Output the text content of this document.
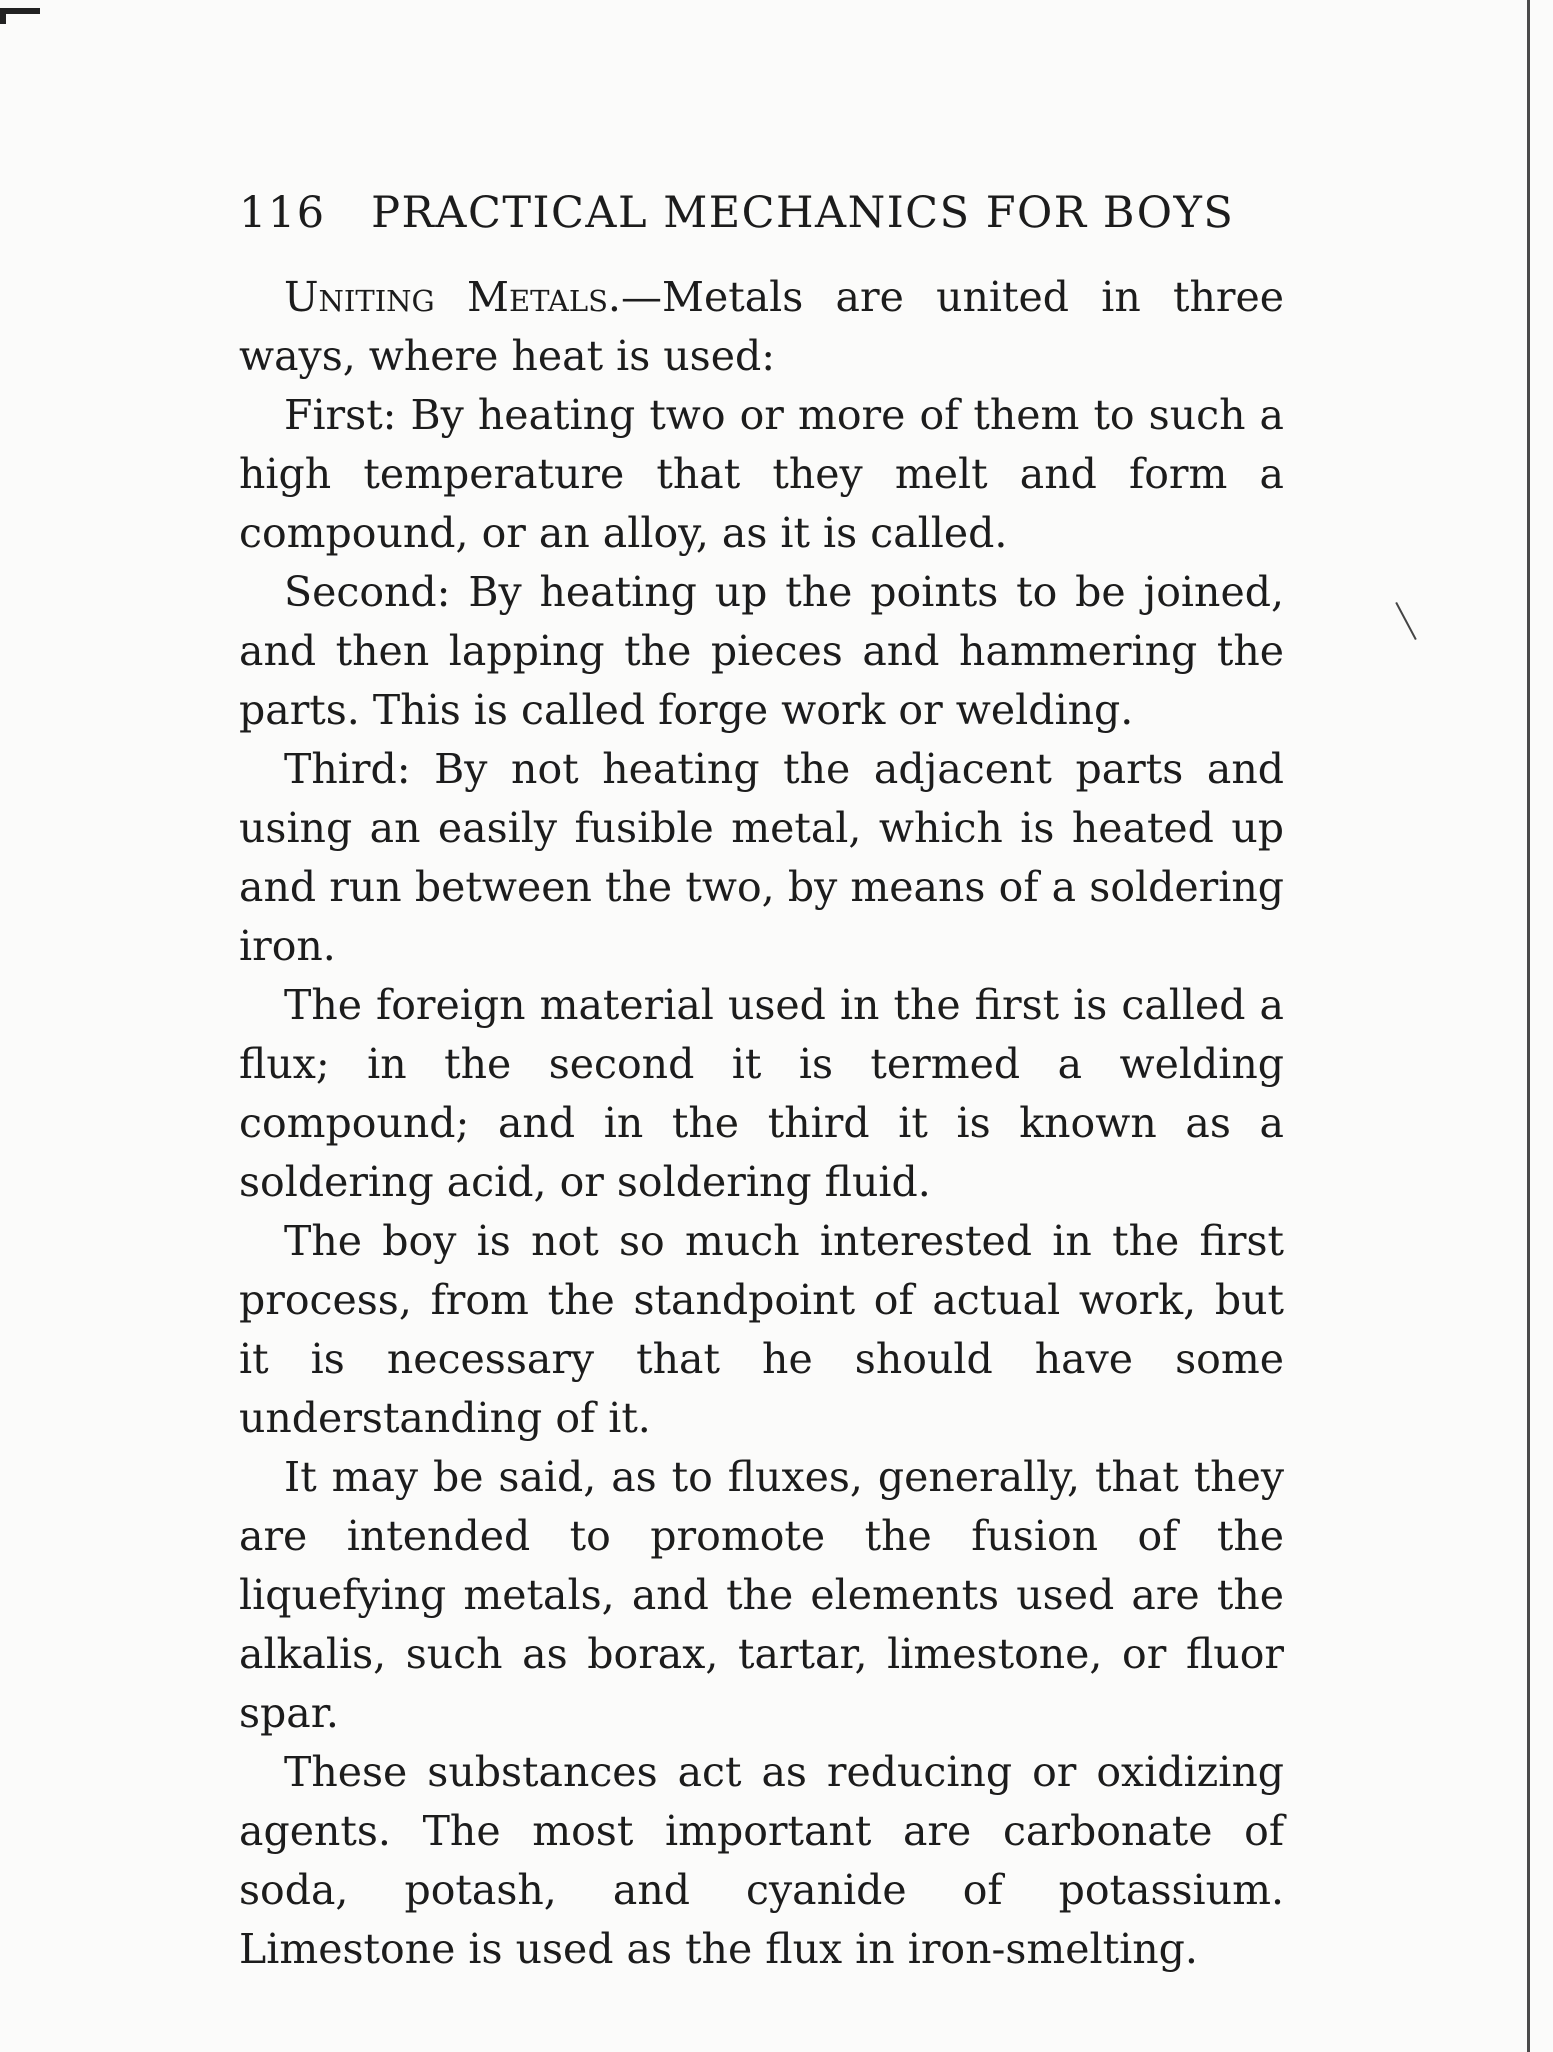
116 PRACTICAL MECHANICS FOR BOYS

Uniting Metals.—Metals are united in three ways, where heat is used:

First: By heating two or more of them to such a high temperature that they melt and form a compound, or an alloy, as it is called.

Second: By heating up the points to be joined, and then lapping the pieces and hammering the parts. This is called forge work or welding.

Third: By not heating the adjacent parts and using an easily fusible metal, which is heated up and run between the two, by means of a soldering iron.

The foreign material used in the first is called a flux; in the second it is termed a welding compound; and in the third it is known as a soldering acid, or soldering fluid.

The boy is not so much interested in the first process, from the standpoint of actual work, but it is necessary that he should have some understanding of it.

It may be said, as to fluxes, generally, that they are intended to promote the fusion of the liquefying metals, and the elements used are the alkalis, such as borax, tartar, limestone, or fluor spar.

These substances act as reducing or oxidizing agents. The most important are carbonate of soda, potash, and cyanide of potassium. Limestone is used as the flux in iron-smelting.
